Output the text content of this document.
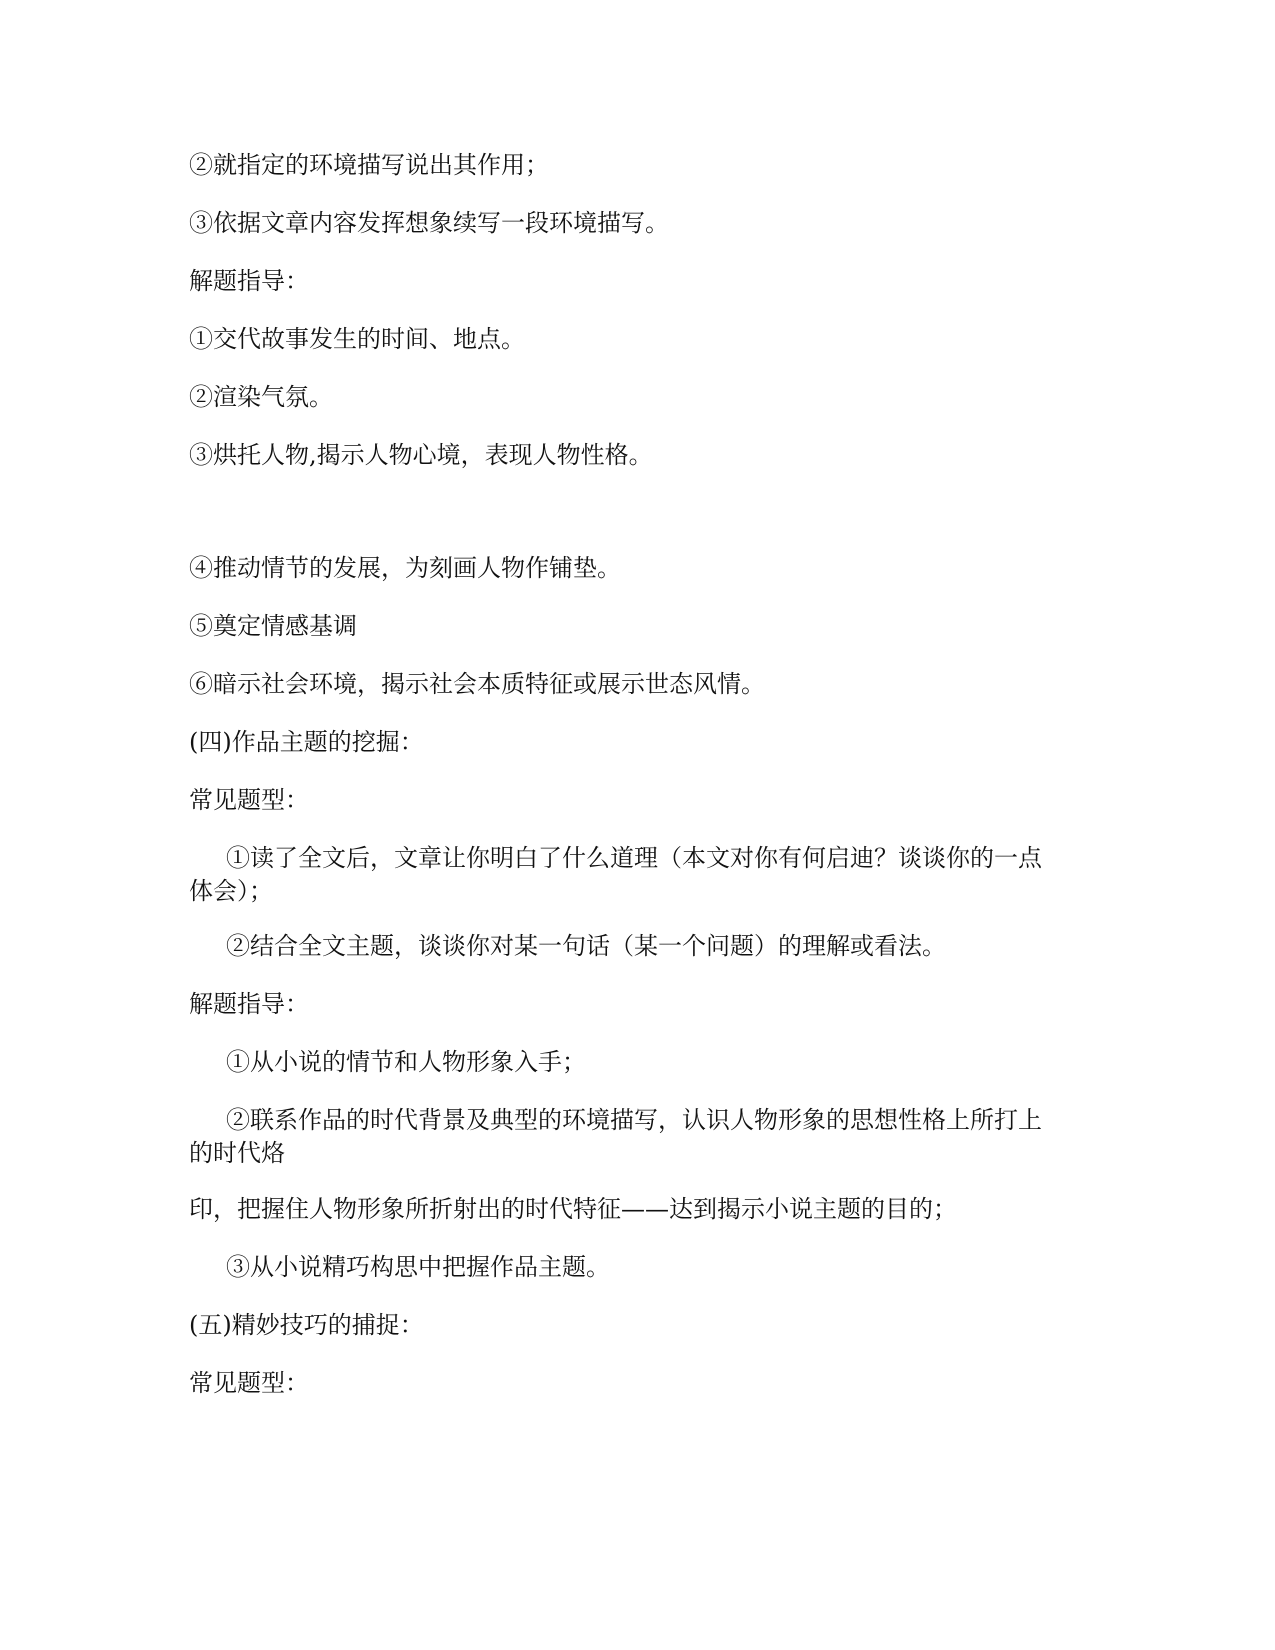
②就指定的环境描写说出其作用；
③依据文章内容发挥想象续写一段环境描写。
解题指导：
①交代故事发生的时间、地点。
②渲染气氛。
③烘托人物,揭示人物心境，表现人物性格。
④推动情节的发展，为刻画人物作铺垫。
⑤奠定情感基调
⑥暗示社会环境，揭示社会本质特征或展示世态风情。
(四)作品主题的挖掘：
常见题型：
①读了全文后，文章让你明白了什么道理（本文对你有何启迪？谈谈你的一点
体会）；
②结合全文主题，谈谈你对某一句话（某一个问题）的理解或看法。
解题指导：
①从小说的情节和人物形象入手；
②联系作品的时代背景及典型的环境描写，认识人物形象的思想性格上所打上
的时代烙
印，把握住人物形象所折射出的时代特征——达到揭示小说主题的目的；
③从小说精巧构思中把握作品主题。
(五)精妙技巧的捕捉：
常见题型：
